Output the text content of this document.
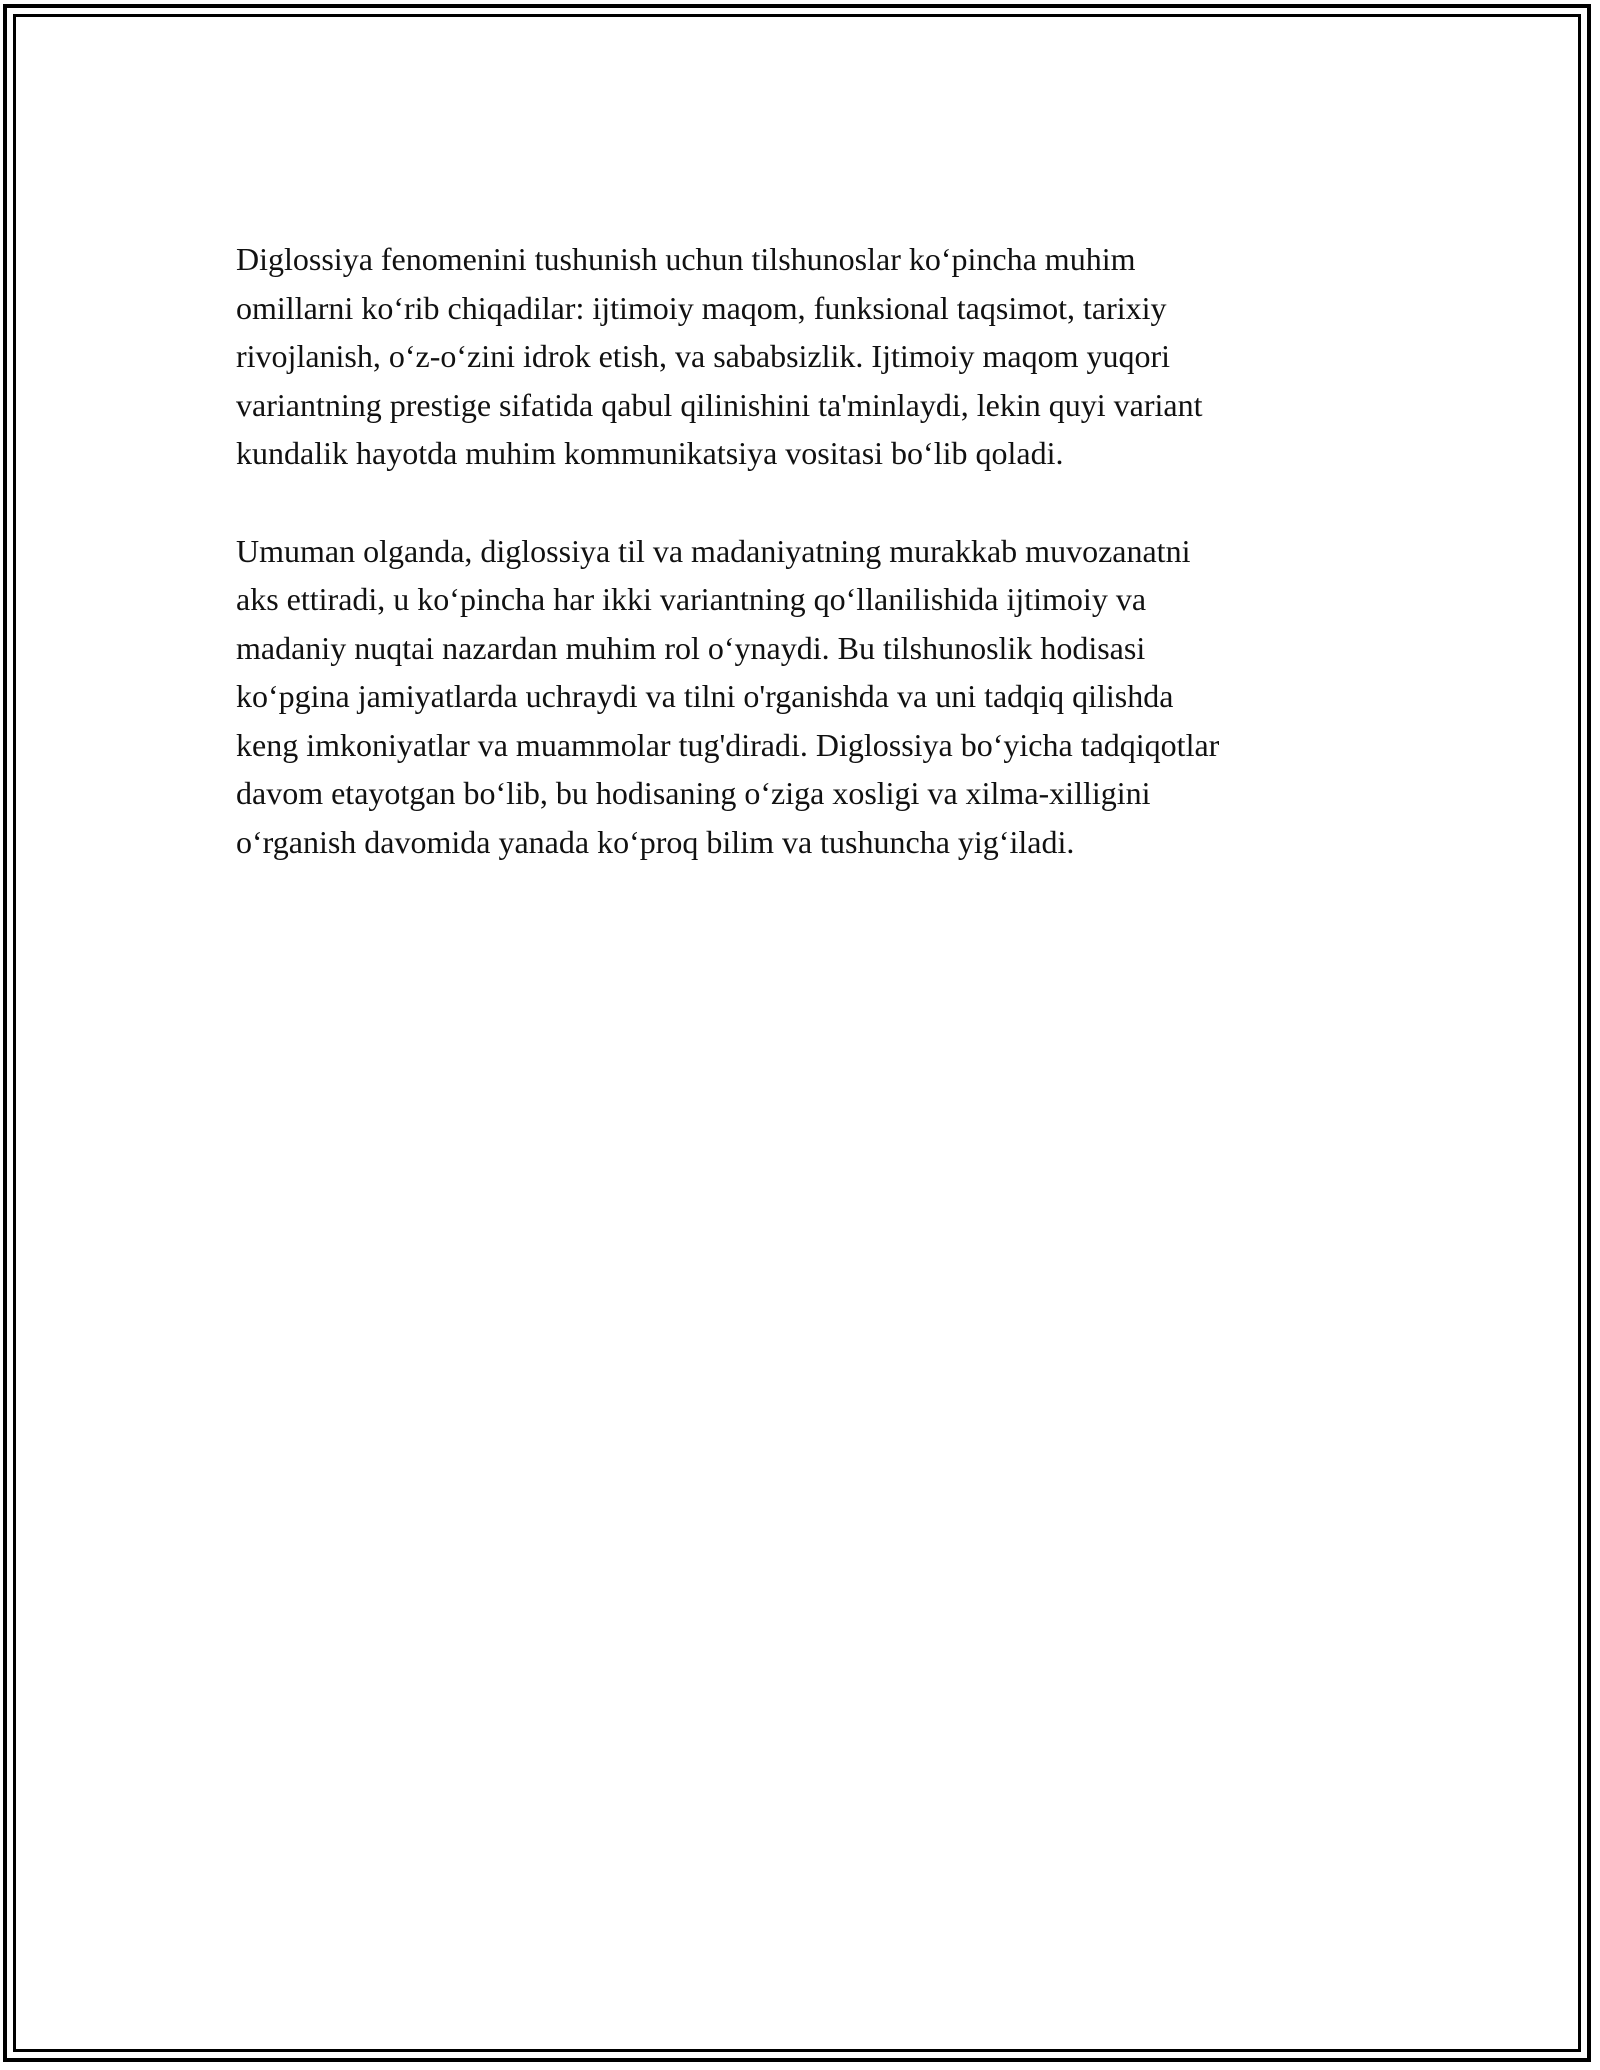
Diglossiya fenomenini tushunish uchun tilshunoslar ko‘pincha muhim
omillarni ko‘rib chiqadilar: ijtimoiy maqom, funksional taqsimot, tarixiy
rivojlanish, o‘z-o‘zini idrok etish, va sababsizlik. Ijtimoiy maqom yuqori
variantning prestige sifatida qabul qilinishini ta'minlaydi, lekin quyi variant
kundalik hayotda muhim kommunikatsiya vositasi bo‘lib qoladi.

Umuman olganda, diglossiya til va madaniyatning murakkab muvozanatni
aks ettiradi, u ko‘pincha har ikki variantning qo‘llanilishida ijtimoiy va
madaniy nuqtai nazardan muhim rol o‘ynaydi. Bu tilshunoslik hodisasi
ko‘pgina jamiyatlarda uchraydi va tilni o'rganishda va uni tadqiq qilishda
keng imkoniyatlar va muammolar tug'diradi. Diglossiya bo‘yicha tadqiqotlar
davom etayotgan bo‘lib, bu hodisaning o‘ziga xosligi va xilma-xilligini
o‘rganish davomida yanada ko‘proq bilim va tushuncha yig‘iladi.
